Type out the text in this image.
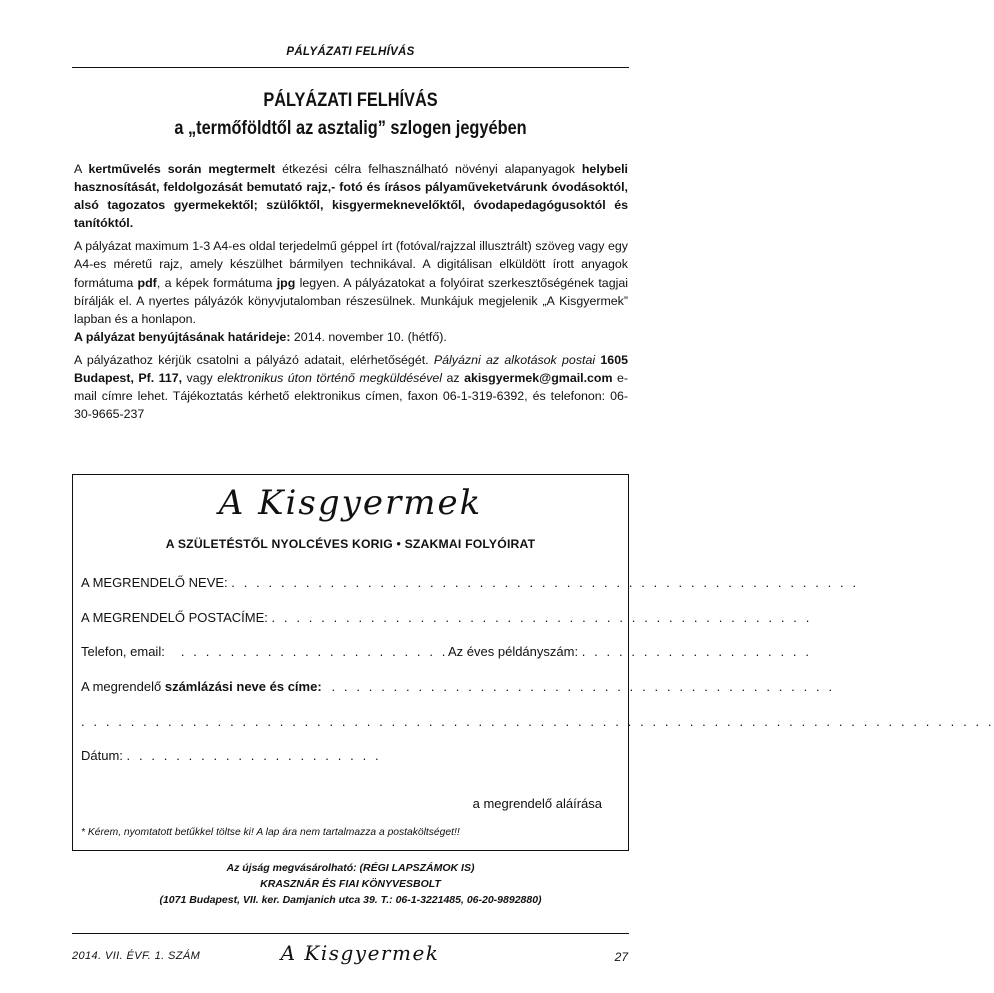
PÁLYÁZATI FELHÍVÁS
PÁLYÁZATI FELHÍVÁS
a „termőföldtől az asztalig” szlogen jegyében

A kertművelés során megtermelt étkezési célra felhasználható növényi alapanyagok helybeli hasznosítását, feldolgozását bemutató rajz,- fotó és írásos pályaműveketvárunk óvodásoktól, alsó tagozatos gyermekektől; szülőktől, kisgyermeknevelőktől, óvodapedagógusoktól és tanítóktól.

A pályázat maximum 1-3 A4-es oldal terjedelmű géppel írt (fotóval/rajzzal illusztrált) szöveg vagy egy A4-es méretű rajz, amely készülhet bármilyen technikával. A digitálisan elküldött írott anyagok formátuma pdf, a képek formátuma jpg legyen. A pályázatokat a folyóirat szerkesztőségének tagjai bírálják el. A nyertes pályázók könyvjutalomban részesülnek. Munkájuk megjelenik „A Kisgyermek” lapban és a honlapon.
A pályázat benyújtásának határideje: 2014. november 10. (hétfő).

A pályázathoz kérjük csatolni a pályázó adatait, elérhetőségét. Pályázni az alkotások postai 1605 Budapest, Pf. 117, vagy elektronikus úton történő megküldésével az akisgyermek@gmail.com e-mail címre lehet. Tájékoztatás kérhető elektronikus címen, faxon 06-1-319-6392, és telefonon: 06-30-9665-237

A Kisgyermek
A SZÜLETÉSTŐL NYOLCÉVES KORIG • SZAKMAI FOLYÓIRAT
A MEGRENDELŐ NEVE: . . . . . . . . . . . . . . . . . . . . . . . . . . . . . . . . . . . . . . . . . . . . . . . . . . .
A MEGRENDELŐ POSTACÍME: . . . . . . . . . . . . . . . . . . . . . . . . . . . . . . . . . . . . . . . . . . . .
Telefon, email:   . . . . . . . . . . . . . . . . . . . . . .Az éves példányszám: . . . . . . . . . . . . . . . . . . .
A megrendelő számlázási neve és címe:  . . . . . . . . . . . . . . . . . . . . . . . . . . . . . . . . . . . . . . . . .
. . . . . . . . . . . . . . . . . . . . . . . . . . . . . . . . . . . . . . . . . . . . . . . . . . . . . . . . . . . . . . . . . . . . . . . . . .
Dátum: . . . . . . . . . . . . . . . . . . . . .
a megrendelő aláírása
* Kérem, nyomtatott betűkkel töltse ki! A lap ára nem tartalmazza a postaköltséget!!
Az újság megvásárolható: (RÉGI LAPSZÁMOK IS)
KRASZNÁR ÉS FIAI KÖNYVESBOLT
(1071 Budapest, VII. ker. Damjanich utca 39. T.: 06-1-3221485, 06-20-9892880)
2014. VII. ÉVF. 1. SZÁM	A Kisgyermek	27
